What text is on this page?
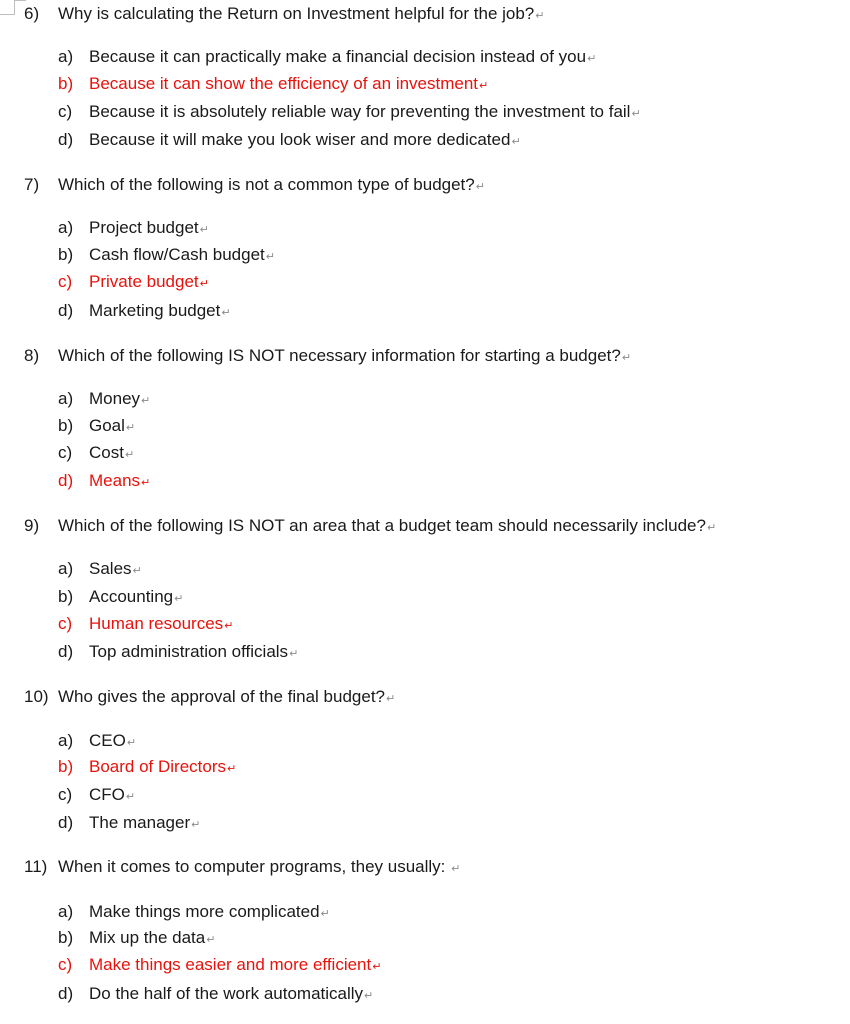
6) Why is calculating the Return on Investment helpful for the job?↵
a) Because it can practically make a financial decision instead of you↵
b) Because it can show the efficiency of an investment↵
c) Because it is absolutely reliable way for preventing the investment to fail↵
d) Because it will make you look wiser and more dedicated↵
7) Which of the following is not a common type of budget?↵
a) Project budget↵
b) Cash flow/Cash budget↵
c) Private budget↵
d) Marketing budget↵
8) Which of the following IS NOT necessary information for starting a budget?↵
a) Money↵
b) Goal↵
c) Cost↵
d) Means↵
9) Which of the following IS NOT an area that a budget team should necessarily include?↵
a) Sales↵
b) Accounting↵
c) Human resources↵
d) Top administration officials↵
10) Who gives the approval of the final budget?↵
a) CEO↵
b) Board of Directors↵
c) CFO↵
d) The manager↵
11) When it comes to computer programs, they usually: ↵
a) Make things more complicated↵
b) Mix up the data↵
c) Make things easier and more efficient↵
d) Do the half of the work automatically↵
